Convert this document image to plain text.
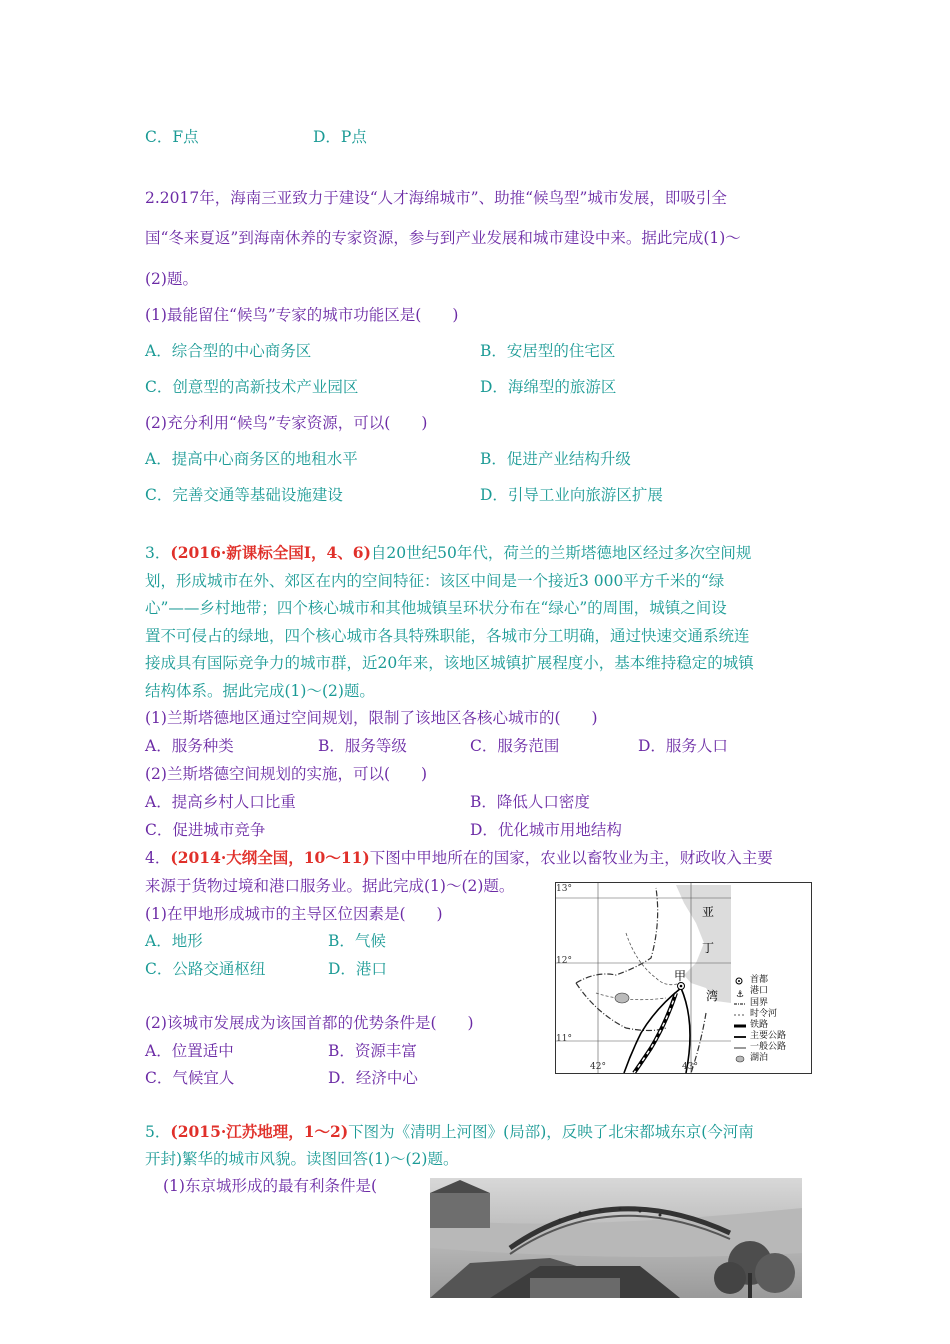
C．F点	D．P点
2.2017年，海南三亚致力于建设“人才海绵城市”、助推“候鸟型”城市发展，即吸引全
国“冬来夏返”到海南休养的专家资源，参与到产业发展和城市建设中来。据此完成(1)～
(2)题。
(1)最能留住“候鸟”专家的城市功能区是(　　)
A．综合型的中心商务区	B．安居型的住宅区
C．创意型的高新技术产业园区	D．海绵型的旅游区
(2)充分利用“候鸟”专家资源，可以(　　)
A．提高中心商务区的地租水平	B．促进产业结构升级
C．完善交通等基础设施建设	D．引导工业向旅游区扩展
3．(2016·新课标全国Ⅰ，4、6)自20世纪50年代，荷兰的兰斯塔德地区经过多次空间规
划，形成城市在外、郊区在内的空间特征：该区中间是一个接近3 000平方千米的“绿
心”——乡村地带；四个核心城市和其他城镇呈环状分布在“绿心”的周围，城镇之间设
置不可侵占的绿地，四个核心城市各具特殊职能，各城市分工明确，通过快速交通系统连
接成具有国际竞争力的城市群，近20年来，该地区城镇扩展程度小，基本维持稳定的城镇
结构体系。据此完成(1)～(2)题。
(1)兰斯塔德地区通过空间规划，限制了该地区各核心城市的(　　)
A．服务种类	B．服务等级	C．服务范围	D．服务人口
(2)兰斯塔德空间规划的实施，可以(　　)
A．提高乡村人口比重	B．降低人口密度
C．促进城市竞争	D．优化城市用地结构
4．(2014·大纲全国，10～11)下图中甲地所在的国家，农业以畜牧业为主，财政收入主要
来源于货物过境和港口服务业。据此完成(1)～(2)题。
(1)在甲地形成城市的主导区位因素是(　　)
A．地形	B．气候
C．公路交通枢纽	D．港口
(2)该城市发展成为该国首都的优势条件是(　　)
A．位置适中	B．资源丰富
C．气候宜人	D．经济中心
⚓
13°
12°
11°
42°	43°
亚
丁
湾
甲	首都
港口
国界
时令河
铁路
主要公路
一般公路
湖泊
5．(2015·江苏地理，1～2)下图为《清明上河图》(局部)，反映了北宋都城东京(今河南
开封)繁华的城市风貌。读图回答(1)～(2)题。
(1)东京城形成的最有利条件是(
